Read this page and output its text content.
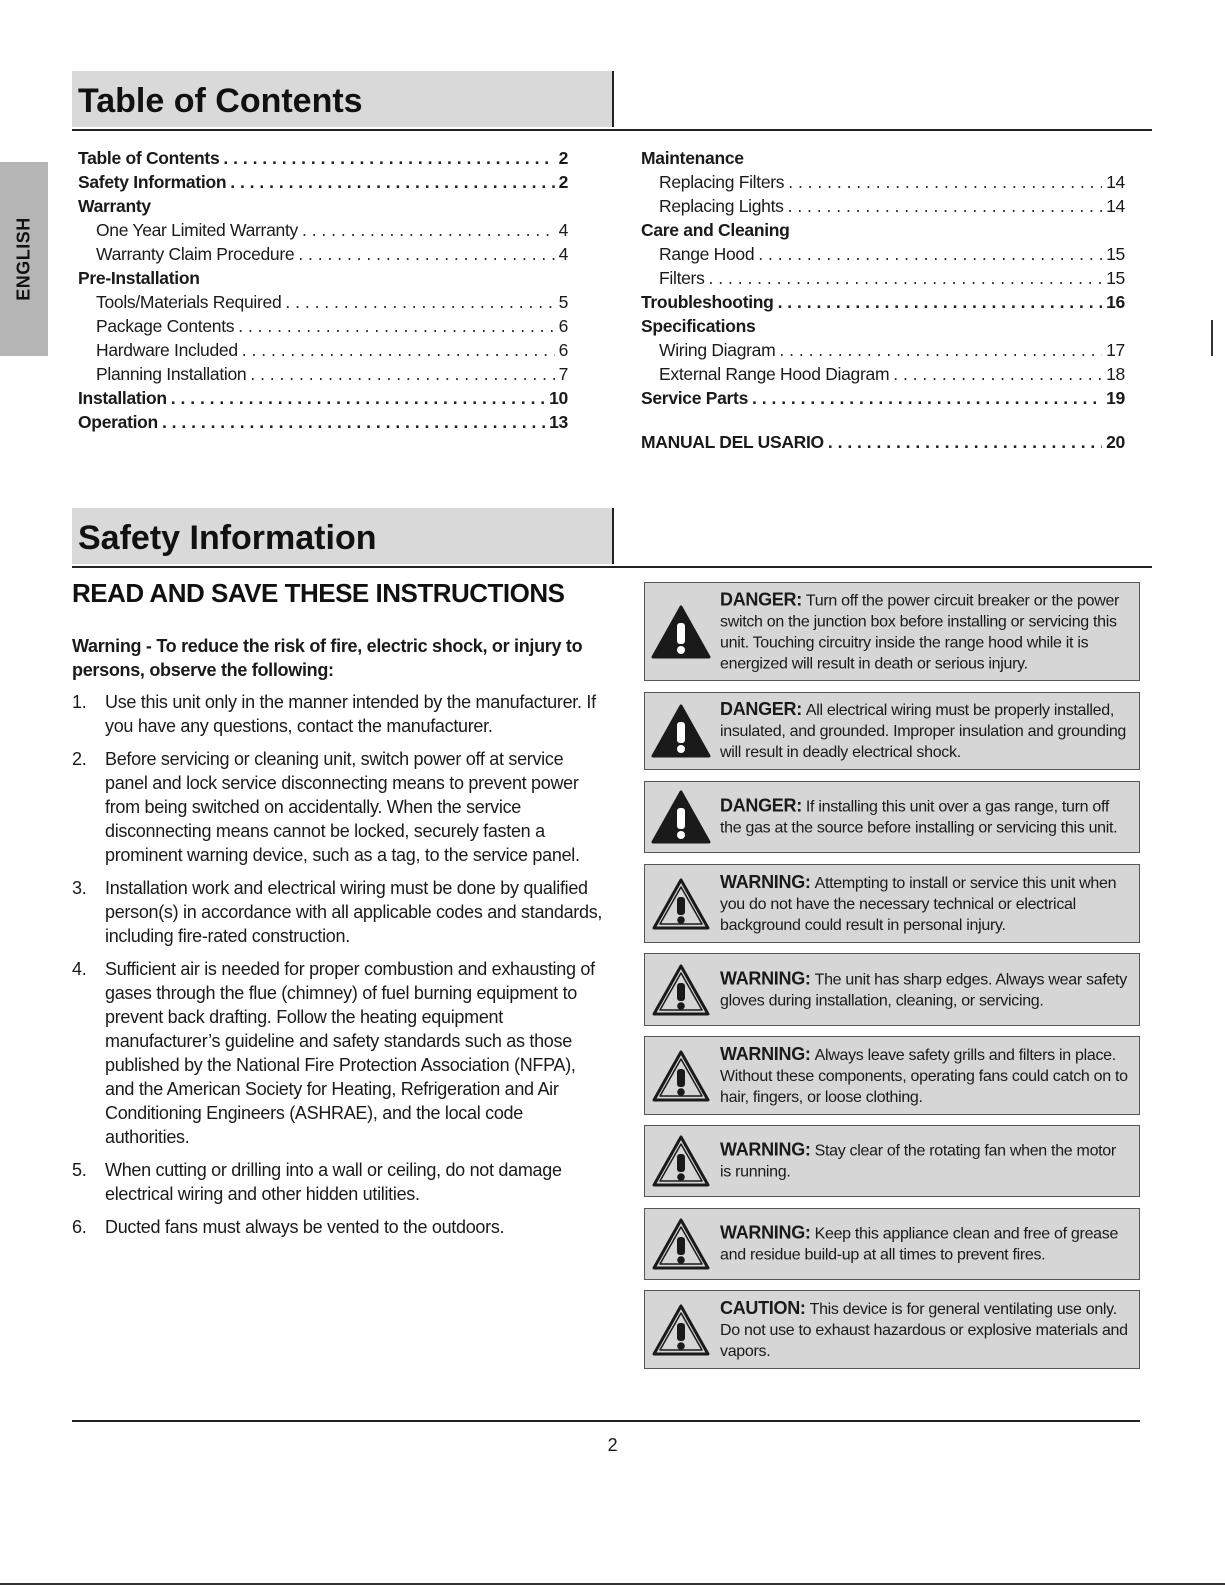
ENGLISH
Table of Contents
Table of Contents . . .	2
Safety Information . . .	2
Warranty
One Year Limited Warranty . . .	4
Warranty Claim Procedure . . .	4
Pre-Installation
Tools/Materials Required . . .	5
Package Contents . . .	6
Hardware Included . . .	6
Planning Installation . . .	7
Installation . . .	10
Operation . . .	13
Maintenance
Replacing Filters . . .	14
Replacing Lights . . .	14
Care and Cleaning
Range Hood . . .	15
Filters . . .	15
Troubleshooting . . .	16
Specifications
Wiring Diagram . . .	17
External Range Hood Diagram . . .	18
Service Parts . . .	19
MANUAL DEL USARIO . . .	20
Safety Information
READ AND SAVE THESE INSTRUCTIONS
Warning - To reduce the risk of fire, electric shock, or injury to persons, observe the following:
1. Use this unit only in the manner intended by the manufacturer. If you have any questions, contact the manufacturer.
2. Before servicing or cleaning unit, switch power off at service panel and lock service disconnecting means to prevent power from being switched on accidentally. When the service disconnecting means cannot be locked, securely fasten a prominent warning device, such as a tag, to the service panel.
3. Installation work and electrical wiring must be done by qualified person(s) in accordance with all applicable codes and standards, including fire-rated construction.
4. Sufficient air is needed for proper combustion and exhausting of gases through the flue (chimney) of fuel burning equipment to prevent back drafting. Follow the heating equipment manufacturer’s guideline and safety standards such as those published by the National Fire Protection Association (NFPA), and the American Society for Heating, Refrigeration and Air Conditioning Engineers (ASHRAE), and the local code authorities.
5. When cutting or drilling into a wall or ceiling, do not damage electrical wiring and other hidden utilities.
6. Ducted fans must always be vented to the outdoors.
DANGER: Turn off the power circuit breaker or the power switch on the junction box before installing or servicing this unit. Touching circuitry inside the range hood while it is energized will result in death or serious injury.
DANGER: All electrical wiring must be properly installed, insulated, and grounded. Improper insulation and grounding will result in deadly electrical shock.
DANGER: If installing this unit over a gas range, turn off the gas at the source before installing or servicing this unit.
WARNING: Attempting to install or service this unit when you do not have the necessary technical or electrical background could result in personal injury.
WARNING: The unit has sharp edges. Always wear safety gloves during installation, cleaning, or servicing.
WARNING: Always leave safety grills and filters in place. Without these components, operating fans could catch on to hair, fingers, or loose clothing.
WARNING: Stay clear of the rotating fan when the motor is running.
WARNING: Keep this appliance clean and free of grease and residue build-up at all times to prevent fires.
CAUTION: This device is for general ventilating use only. Do not use to exhaust hazardous or explosive materials and vapors.
2
